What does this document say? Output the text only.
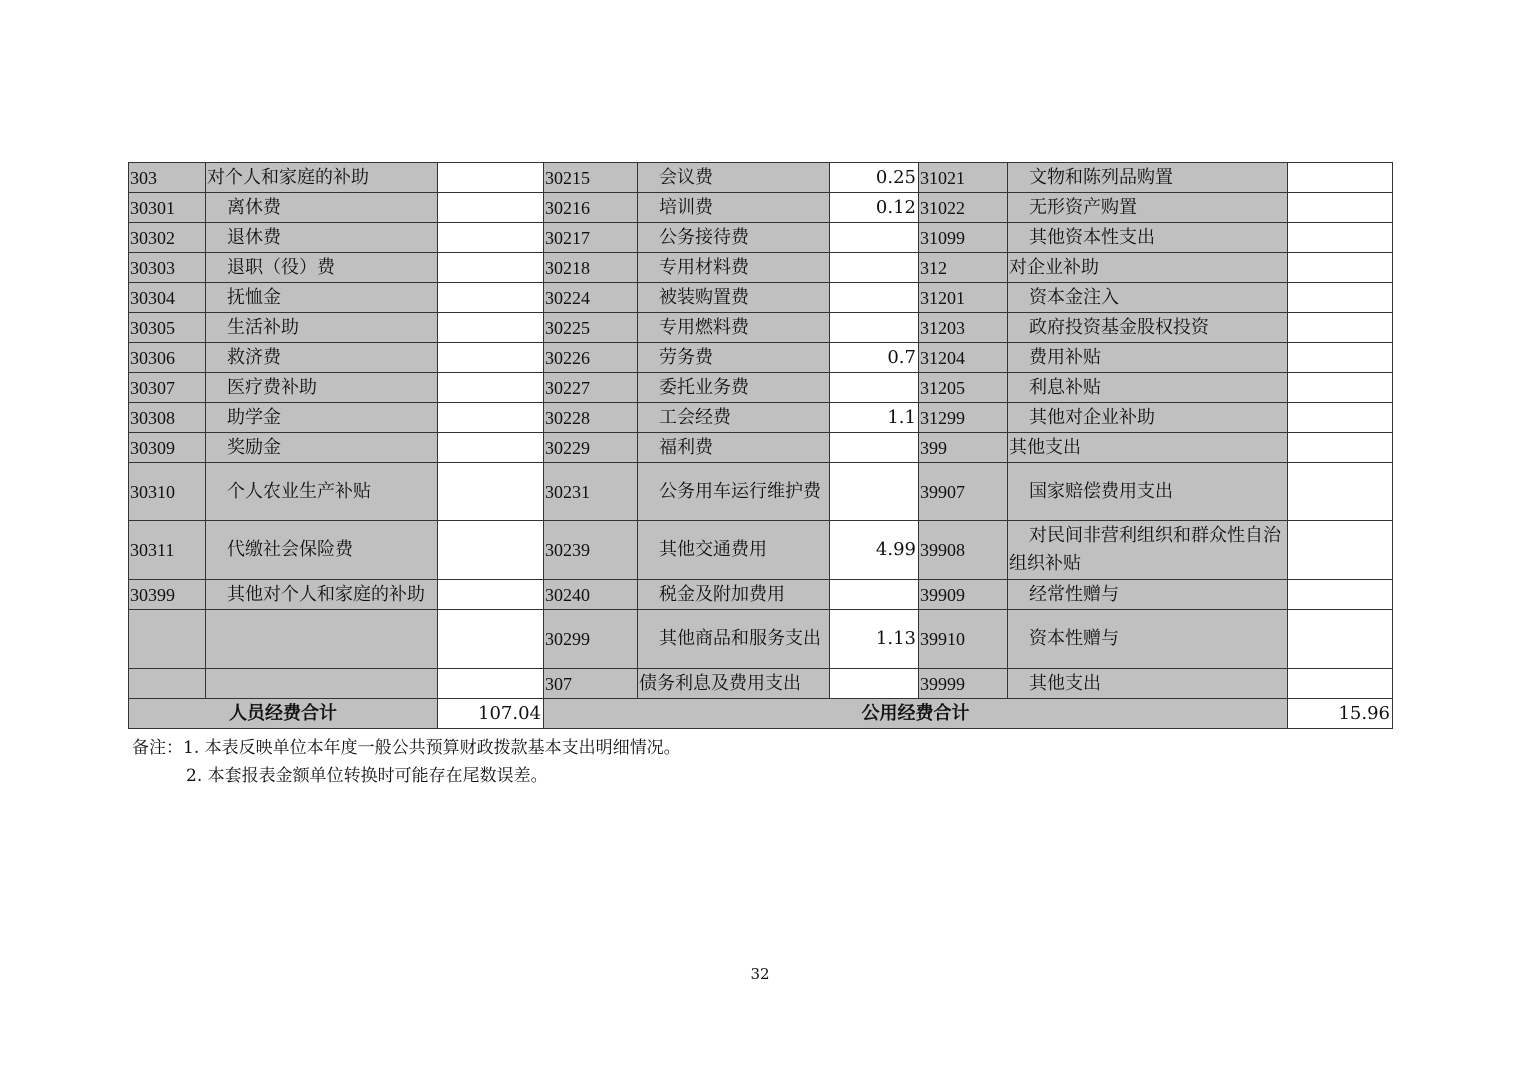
303	对个人和家庭的补助		30215	会议费	0.25	31021	文物和陈列品购置	
30301	离休费		30216	培训费	0.12	31022	无形资产购置	
30302	退休费		30217	公务接待费		31099	其他资本性支出	
30303	退职（役）费		30218	专用材料费		312	对企业补助	
30304	抚恤金		30224	被装购置费		31201	资本金注入	
30305	生活补助		30225	专用燃料费		31203	政府投资基金股权投资	
30306	救济费		30226	劳务费	0.7	31204	费用补贴	
30307	医疗费补助		30227	委托业务费		31205	利息补贴	
30308	助学金		30228	工会经费	1.1	31299	其他对企业补助	
30309	奖励金		30229	福利费		399	其他支出	
30310	个人农业生产补贴		30231	公务用车运行维护费		39907	国家赔偿费用支出	
30311	代缴社会保险费		30239	其他交通费用	4.99	39908	对民间非营利组织和群众性自治组织补贴	
30399	其他对个人和家庭的补助		30240	税金及附加费用		39909	经常性赠与	
			30299	其他商品和服务支出	1.13	39910	资本性赠与	
			307	债务利息及费用支出		39999	其他支出	
人员经费合计		107.04	公用经费合计					15.96
备注：1. 本表反映单位本年度一般公共预算财政拨款基本支出明细情况。
2. 本套报表金额单位转换时可能存在尾数误差。
32
